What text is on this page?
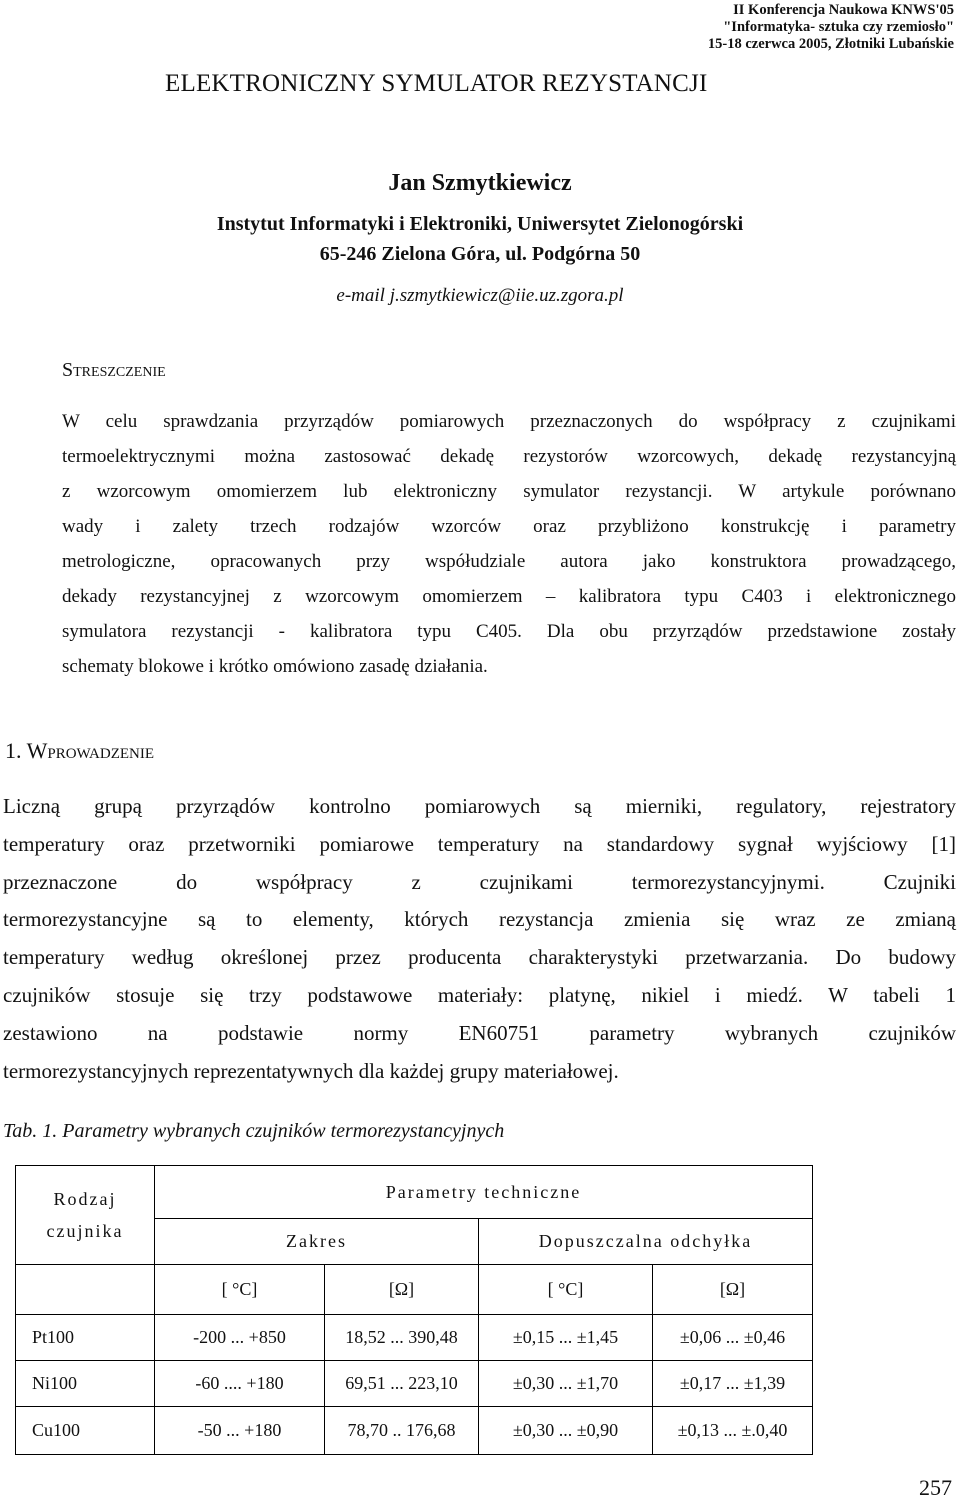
II Konferencja Naukowa KNWS'05
"Informatyka- sztuka czy rzemiosło"
15-18 czerwca 2005, Złotniki Lubańskie
ELEKTRONICZNY SYMULATOR REZYSTANCJI
Jan Szmytkiewicz
Instytut Informatyki i Elektroniki, Uniwersytet Zielonogórski
65-246 Zielona Góra, ul. Podgórna 50
e-mail j.szmytkiewicz@iie.uz.zgora.pl
Streszczenie
W celu sprawdzania przyrządów pomiarowych przeznaczonych do współpracy z czujnikami
termoelektrycznymi można zastosować dekadę rezystorów wzorcowych, dekadę rezystancyjną
z wzorcowym omomierzem lub elektroniczny symulator rezystancji. W artykule porównano
wady i zalety trzech rodzajów wzorców oraz przybliżono konstrukcję i parametry
metrologiczne, opracowanych przy współudziale autora jako konstruktora prowadzącego,
dekady rezystancyjnej z wzorcowym omomierzem – kalibratora typu C403 i elektronicznego
symulatora rezystancji - kalibratora typu C405. Dla obu przyrządów przedstawione zostały
schematy blokowe i krótko omówiono zasadę działania.
1. Wprowadzenie
Liczną grupą przyrządów kontrolno pomiarowych są mierniki, regulatory, rejestratory
temperatury oraz przetworniki pomiarowe temperatury na standardowy sygnał wyjściowy [1]
przeznaczone do współpracy z czujnikami termorezystancyjnymi. Czujniki
termorezystancyjne są to elementy, których rezystancja zmienia się wraz ze zmianą
temperatury według określonej przez producenta charakterystyki przetwarzania. Do budowy
czujników stosuje się trzy podstawowe materiały: platynę, nikiel i miedź. W tabeli 1
zestawiono na podstawie normy EN60751 parametry wybranych czujników
termorezystancyjnych reprezentatywnych dla każdej grupy materiałowej.
Tab. 1. Parametry wybranych czujników termorezystancyjnych
Rodzaj czujnika	Parametry techniczne			
	Zakres		Dopuszczalna odchyłka	
	[ °C]	[Ω]	[ °C]	[Ω]
Pt100	-200 ... +850	18,52 ... 390,48	±0,15 ... ±1,45	±0,06 ... ±0,46
Ni100	-60 .... +180	69,51 ... 223,10	±0,30 ... ±1,70	±0,17 ... ±1,39
Cu100	-50 ... +180	78,70 .. 176,68	±0,30 ... ±0,90	±0,13 ... ±.0,40
257
